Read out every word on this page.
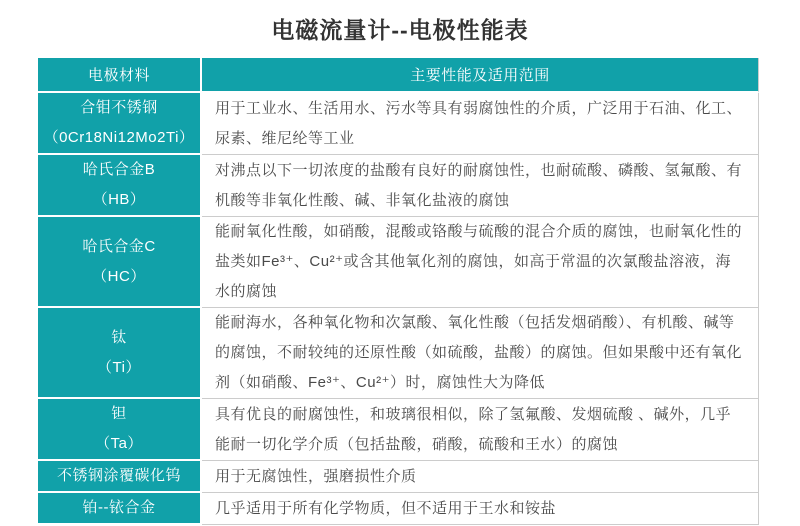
电磁流量计--电极性能表
电极材料	主要性能及适用范围

合钼不锈钢
（0Cr18Ni12Mo2Ti）	用于工业水、生活用水、污水等具有弱腐蚀性的介质，广泛用于石油、化工、尿素、维尼纶等工业

哈氏合金B
（HB）	对沸点以下一切浓度的盐酸有良好的耐腐蚀性，也耐硫酸、磷酸、氢氟酸、有机酸等非氧化性酸、碱、非氧化盐液的腐蚀

哈氏合金C
（HC）	能耐氧化性酸，如硝酸，混酸或铬酸与硫酸的混合介质的腐蚀，也耐氧化性的盐类如Fe³⁺、Cu²⁺或含其他氧化剂的腐蚀，如高于常温的次氯酸盐溶液，海水的腐蚀

钛
（Ti）	能耐海水，各种氧化物和次氯酸、氧化性酸（包括发烟硝酸）、有机酸、碱等的腐蚀，不耐较纯的还原性酸（如硫酸，盐酸）的腐蚀。但如果酸中还有氧化剂（如硝酸、Fe³⁺、Cu²⁺）时，腐蚀性大为降低

钽
（Ta）	具有优良的耐腐蚀性，和玻璃很相似，除了氢氟酸、发烟硫酸 、碱外，几乎能耐一切化学介质（包括盐酸，硝酸，硫酸和王水）的腐蚀

不锈钢涂覆碳化钨	用于无腐蚀性，强磨损性介质

铂--铱合金	几乎适用于所有化学物质，但不适用于王水和铵盐
